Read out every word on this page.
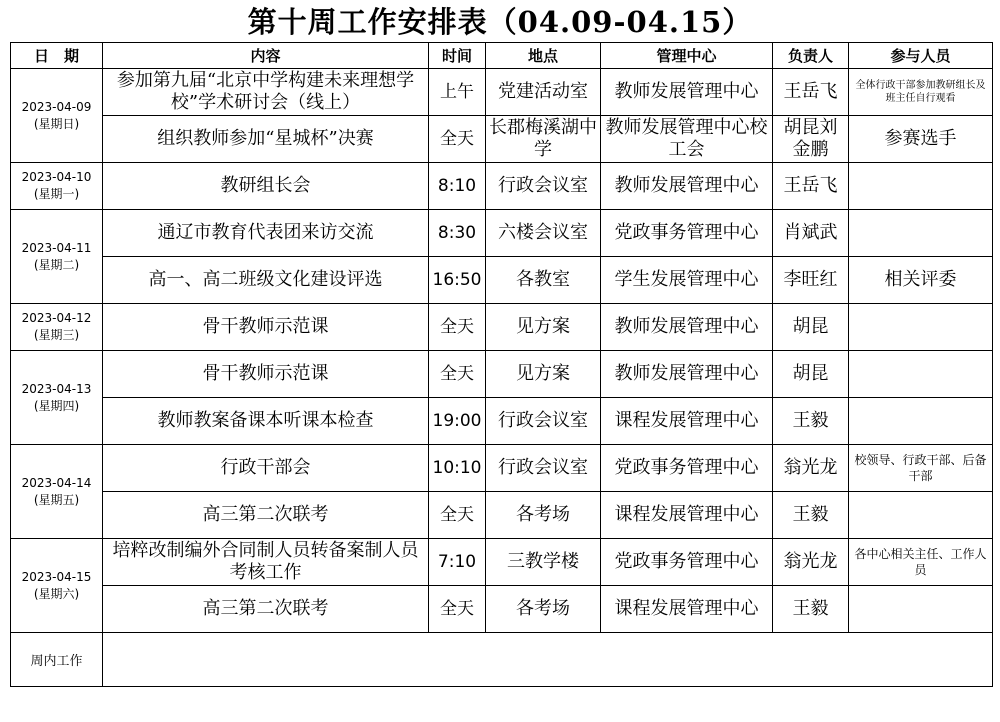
第十周工作安排表（04.09-04.15）
日　期	内容	时间	地点	管理中心	负责人	参与人员

2023-04-09
(星期日)	参加第九届“北京中学构建未来理想学校”学术研讨会（线上）	上午	党建活动室	教师发展管理中心	王岳飞	全体行政干部参加教研组长及班主任自行观看
	组织教师参加“星城杯”决赛	全天	长郡梅溪湖中学	教师发展管理中心校工会	胡昆刘金鹏	参赛选手

2023-04-10
(星期一)	教研组长会	8:10	行政会议室	教师发展管理中心	王岳飞	

2023-04-11
(星期二)	通辽市教育代表团来访交流	8:30	六楼会议室	党政事务管理中心	肖斌武	
	高一、高二班级文化建设评选	16:50	各教室	学生发展管理中心	李旺红	相关评委

2023-04-12
(星期三)	骨干教师示范课	全天	见方案	教师发展管理中心	胡昆	

2023-04-13
(星期四)	骨干教师示范课	全天	见方案	教师发展管理中心	胡昆	
	教师教案备课本听课本检查	19:00	行政会议室	课程发展管理中心	王毅	

2023-04-14
(星期五)	行政干部会	10:10	行政会议室	党政事务管理中心	翁光龙	校领导、行政干部、后备干部
	高三第二次联考	全天	各考场	课程发展管理中心	王毅	

2023-04-15
(星期六)	培粹改制编外合同制人员转备案制人员考核工作	7:10	三教学楼	党政事务管理中心	翁光龙	各中心相关主任、工作人员
	高三第二次联考	全天	各考场	课程发展管理中心	王毅	
周内工作						
